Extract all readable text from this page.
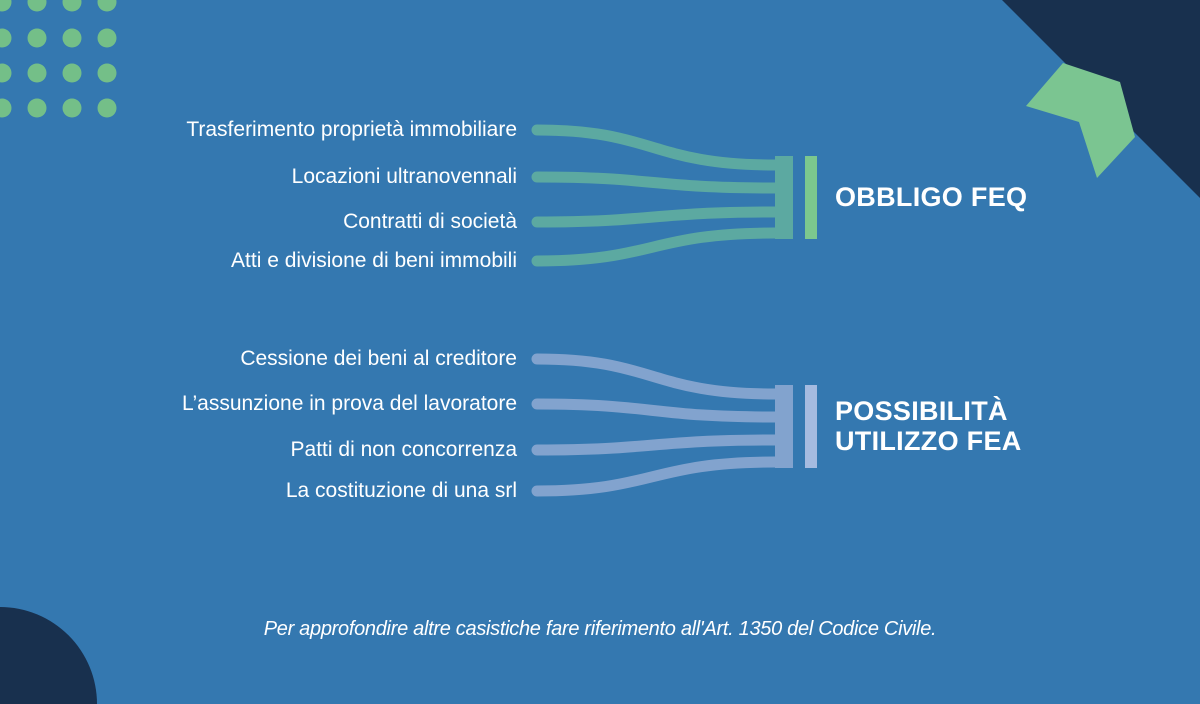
Trasferimento proprietà immobiliare
Locazioni ultranovennali
Contratti di società
Atti e divisione di beni immobili
Cessione dei beni al creditore
L’assunzione in prova del lavoratore
Patti di non concorrenza
La costituzione di una srl
OBBLIGO FEQ
POSSIBILITÀ
UTILIZZO FEA
Per approfondire altre casistiche fare riferimento all'Art. 1350 del Codice Civile.
